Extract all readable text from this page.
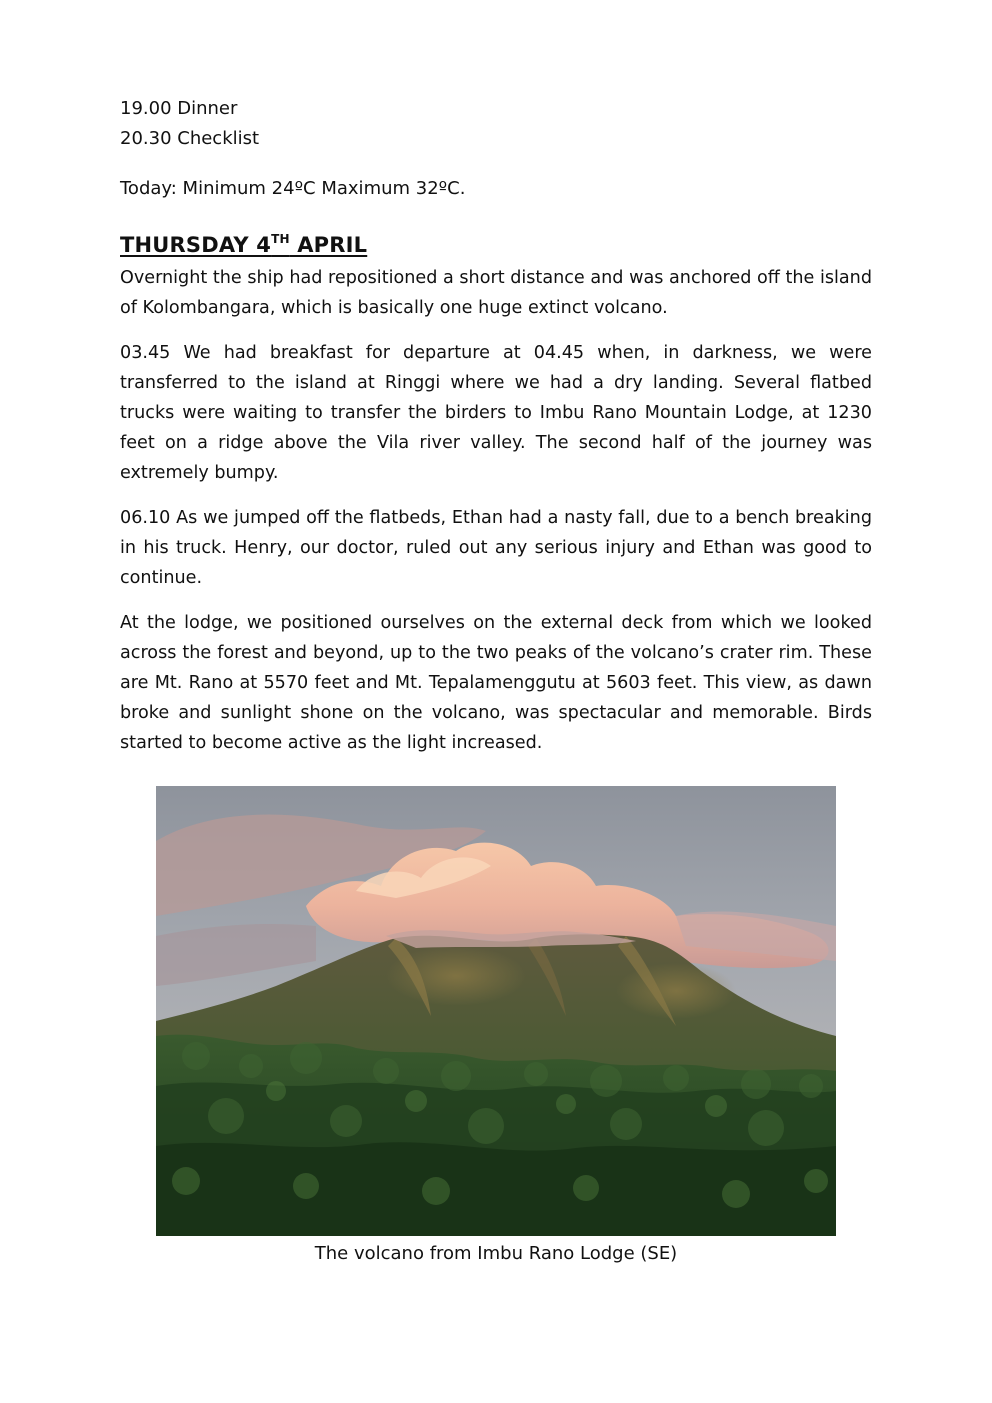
19.00 Dinner

20.30 Checklist

Today: Minimum 24ºC Maximum 32ºC.

THURSDAY 4TH APRIL

Overnight the ship had repositioned a short distance and was anchored off the island of Kolombangara, which is basically one huge extinct volcano.

03.45 We had breakfast for departure at 04.45 when, in darkness, we were transferred to the island at Ringgi where we had a dry landing. Several flatbed trucks were waiting to transfer the birders to Imbu Rano Mountain Lodge, at 1230 feet on a ridge above the Vila river valley. The second half of the journey was extremely bumpy.

06.10 As we jumped off the flatbeds, Ethan had a nasty fall, due to a bench breaking in his truck. Henry, our doctor, ruled out any serious injury and Ethan was good to continue.

At the lodge, we positioned ourselves on the external deck from which we looked across the forest and beyond, up to the two peaks of the volcano’s crater rim. These are Mt. Rano at 5570 feet and Mt. Tepalamenggutu at 5603 feet. This view, as dawn broke and sunlight shone on the volcano, was spectacular and memorable. Birds started to become active as the light increased.

The volcano from Imbu Rano Lodge (SE)
